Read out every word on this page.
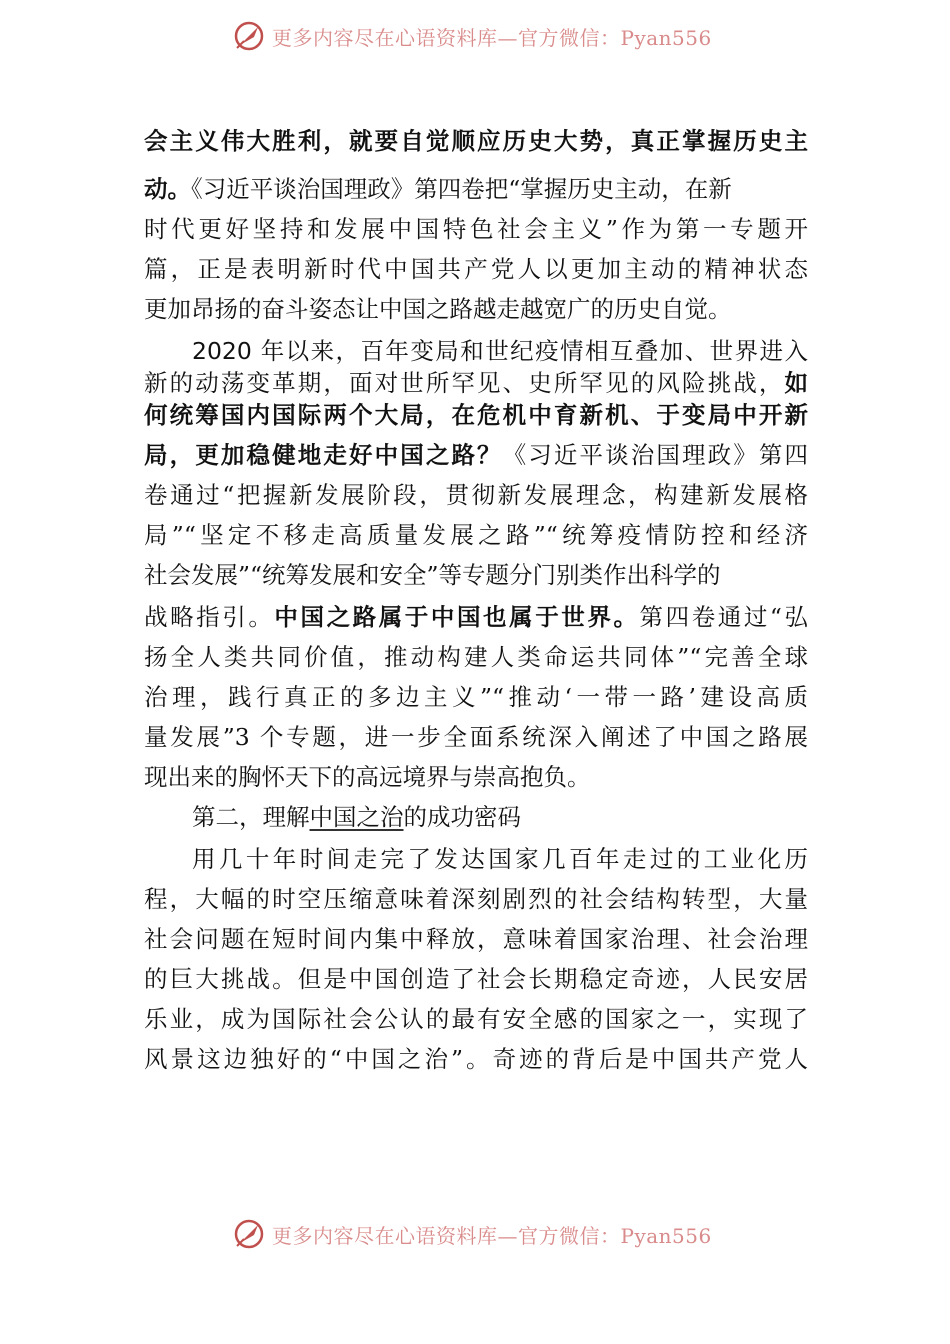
更多内容尽在心语资料库—官方微信：Pyan556
会主义伟大胜利，就要自觉顺应历史大势，真正掌握历史主
动。《习近平谈治国理政》第四卷把“掌握历史主动，在新
时代更好坚持和发展中国特色社会主义”作为第一专题开
篇，正是表明新时代中国共产党人以更加主动的精神状态
更加昂扬的奋斗姿态让中国之路越走越宽广的历史自觉。
2020 年以来，百年变局和世纪疫情相互叠加、世界进入
新的动荡变革期，面对世所罕见、史所罕见的风险挑战，如
何统筹国内国际两个大局，在危机中育新机、于变局中开新
局，更加稳健地走好中国之路？《习近平谈治国理政》第四
卷通过“把握新发展阶段，贯彻新发展理念，构建新发展格
局”“坚定不移走高质量发展之路”“统筹疫情防控和经济
社会发展”“统筹发展和安全”等专题分门别类作出科学的
战略指引。中国之路属于中国也属于世界。第四卷通过“弘
扬全人类共同价值，推动构建人类命运共同体”“完善全球
治理，践行真正的多边主义”“推动‘一带一路’建设高质
量发展”3 个专题，进一步全面系统深入阐述了中国之路展
现出来的胸怀天下的高远境界与崇高抱负。
第二，理解中国之治的成功密码
用几十年时间走完了发达国家几百年走过的工业化历
程，大幅的时空压缩意味着深刻剧烈的社会结构转型，大量
社会问题在短时间内集中释放，意味着国家治理、社会治理
的巨大挑战。但是中国创造了社会长期稳定奇迹，人民安居
乐业，成为国际社会公认的最有安全感的国家之一，实现了
风景这边独好的“中国之治”。奇迹的背后是中国共产党人
更多内容尽在心语资料库—官方微信：Pyan556
